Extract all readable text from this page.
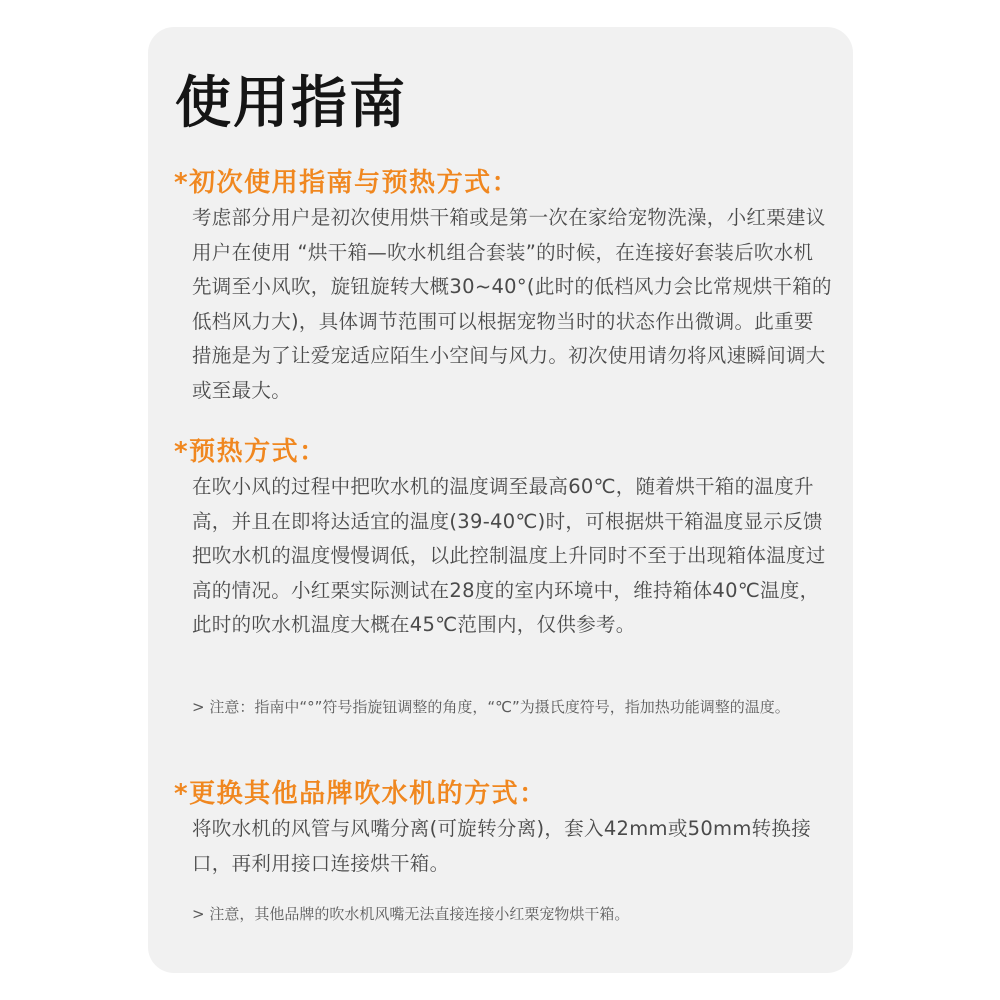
使用指南
*初次使用指南与预热方式：

考虑部分用户是初次使用烘干箱或是第一次在家给宠物洗澡，小红栗建议用户在使用 “烘干箱—吹水机组合套装”的时候，在连接好套装后吹水机先调至小风吹，旋钮旋转大概30~40°(此时的低档风力会比常规烘干箱的低档风力大)，具体调节范围可以根据宠物当时的状态作出微调。此重要措施是为了让爱宠适应陌生小空间与风力。初次使用请勿将风速瞬间调大或至最大。

*预热方式：

在吹小风的过程中把吹水机的温度调至最高60℃，随着烘干箱的温度升高，并且在即将达适宜的温度(39-40℃)时，可根据烘干箱温度显示反馈把吹水机的温度慢慢调低，以此控制温度上升同时不至于出现箱体温度过高的情况。小红栗实际测试在28度的室内环境中，维持箱体40℃温度，此时的吹水机温度大概在45℃范围内，仅供参考。

> 注意：指南中“°”符号指旋钮调整的角度，“℃”为摄氏度符号，指加热功能调整的温度。

*更换其他品牌吹水机的方式：

将吹水机的风管与风嘴分离(可旋转分离)，套入42mm或50mm转换接口，再利用接口连接烘干箱。

> 注意，其他品牌的吹水机风嘴无法直接连接小红栗宠物烘干箱。
